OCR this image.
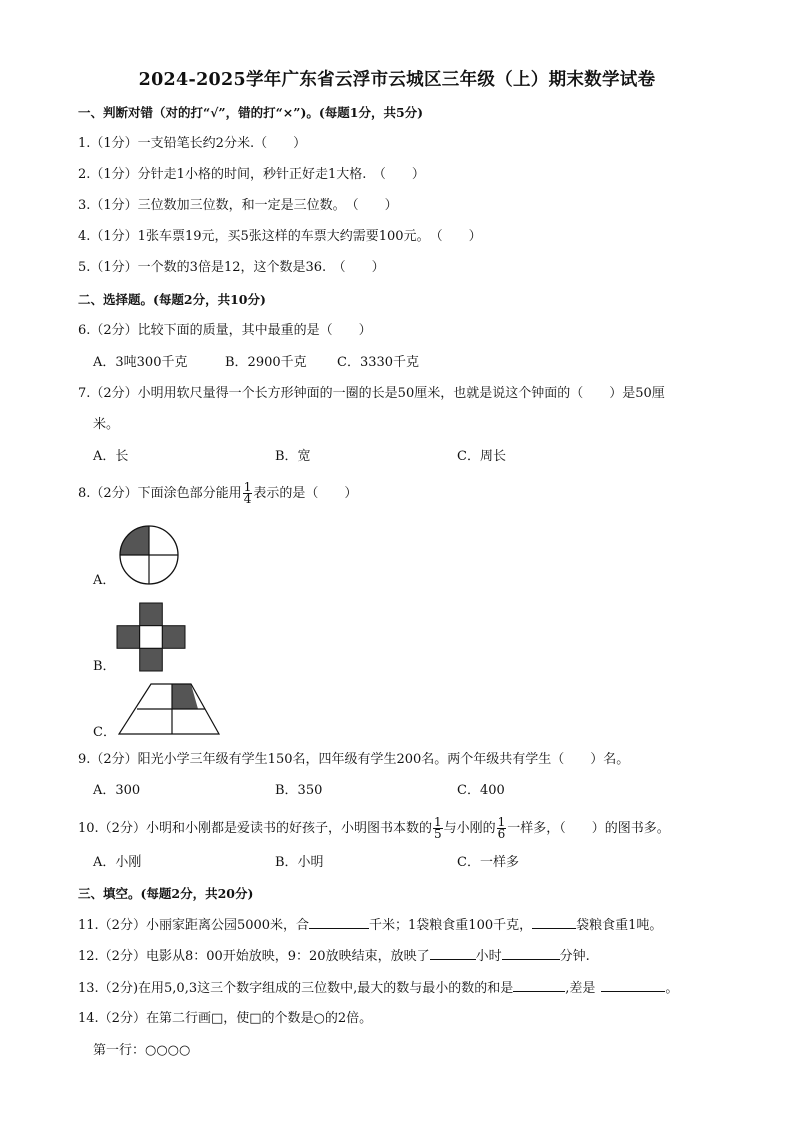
2024-2025学年广东省云浮市云城区三年级（上）期末数学试卷
一、判断对错（对的打“√”，错的打“×”)。(每题1分，共5分)
1.（1分）一支铅笔长约2分米.（　　）
2.（1分）分针走1小格的时间，秒针正好走1大格.　（　　）
3.（1分）三位数加三位数，和一定是三位数。　（　　）
4.（1分）1张车票19元，买5张这样的车票大约需要100元。　（　　）
5.（1分）一个数的3倍是12，这个数是36.　（　　）
二、选择题。(每题2分，共10分)
6.（2分）比较下面的质量，其中最重的是（　　）
A．3吨300千克	B．2900千克 C．3330千克
7.（2分）小明用软尺量得一个长方形钟面的一圈的长是50厘米，也就是说这个钟面的（　　）是50厘
米。
A．长	B．宽	C．周长
8.（2分）下面涂色部分能用 $\frac{1}{4}$ 表示的是（　　）
A．
B．
C．
9.（2分）阳光小学三年级有学生150名，四年级有学生200名。两个年级共有学生（　　）名。
A．300	B．350	C．400
10.（2分）小明和小刚都是爱读书的好孩子，小明图书本数的 $\frac{1}{5}$ 与小刚的 $\frac{1}{6}$ 一样多，（　　）的图书多。
A．小刚	B．小明	C．一样多
三、填空。(每题2分，共20分)
11.（2分）小丽家距离公园5000米，合	千米；1袋粮食重100千克，	袋粮食重1吨。
12.（2分）电影从8：00开始放映，9：20放映结束，放映了	小时	分钟.
13.（2分)在用5,0,3这三个数字组成的三位数中,最大的数与最小的数的和是	,差是	。
14.（2分）在第二行画□，使□的个数是○的2倍。
第一行：○○○○
